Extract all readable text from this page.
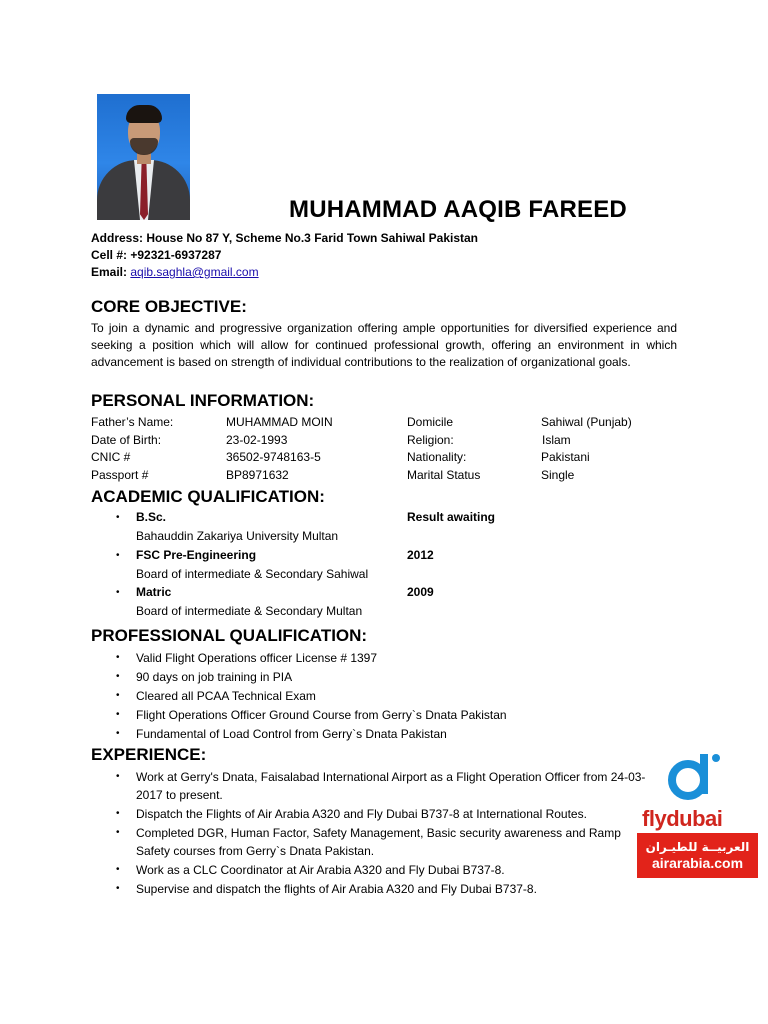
MUHAMMAD AAQIB FAREED
Address: House No 87 Y, Scheme No.3 Farid Town Sahiwal Pakistan
Cell #: +92321-6937287
Email: aqib.saghla@gmail.com
CORE OBJECTIVE:
To join a dynamic and progressive organization offering ample opportunities for diversified experience and seeking a position which will allow for continued professional growth, offering an environment in which advancement is based on strength of individual contributions to the realization of organizational goals.
PERSONAL INFORMATION:
Father’s Name:	MUHAMMAD MOIN	Domicile	Sahiwal (Punjab)
Date of Birth:	23-02-1993	Religion:	Islam
CNIC #	36502-9748163-5	Nationality:	Pakistani
Passport #	BP8971632	Marital Status	Single
ACADEMIC QUALIFICATION:
• B.Sc.	Result awaiting
Bahauddin Zakariya University Multan
• FSC Pre-Engineering	2012
Board of intermediate & Secondary Sahiwal
• Matric	2009
Board of intermediate & Secondary Multan
PROFESSIONAL QUALIFICATION:
• Valid Flight Operations officer License # 1397
• 90 days on job training in PIA
• Cleared all PCAA Technical Exam
• Flight Operations Officer Ground Course from Gerry`s Dnata Pakistan
• Fundamental of Load Control from Gerry`s Dnata Pakistan
EXPERIENCE:
• Work at Gerry's Dnata, Faisalabad International Airport as a Flight Operation Officer from 24-03-2017 to present.
• Dispatch the Flights of Air Arabia A320 and Fly Dubai B737-8 at International Routes.
• Completed DGR, Human Factor, Safety Management, Basic security awareness and Ramp Safety courses from Gerry`s Dnata Pakistan.
• Work as a CLC Coordinator at Air Arabia A320 and Fly Dubai B737-8.
• Supervise and dispatch the flights of Air Arabia A320 and Fly Dubai B737-8.
flydubai
العربيــة للطيـران
airarabia.com
